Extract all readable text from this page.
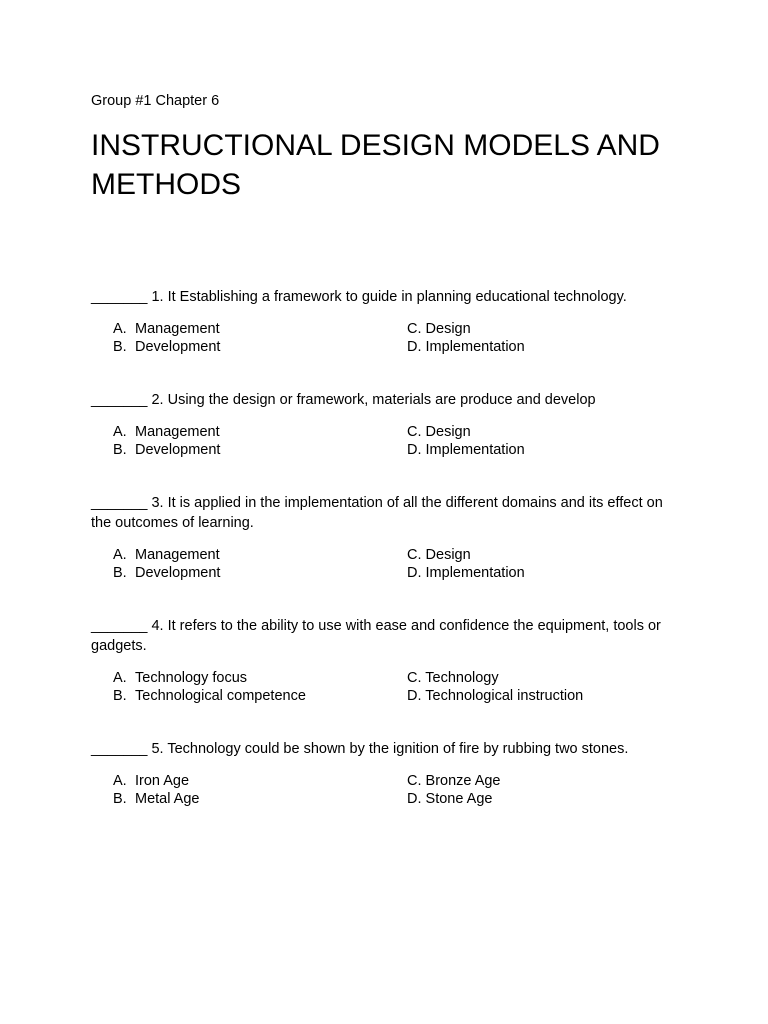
Group #1 Chapter 6
INSTRUCTIONAL DESIGN MODELS AND METHODS

_______ 1. It Establishing a framework to guide in planning educational technology.

A. Management
B. Development
C. Design
D. Implementation

_______ 2. Using the design or framework, materials are produce and develop

A. Management
B. Development
C. Design
D. Implementation

_______ 3. It is applied in the implementation of all the different domains and its effect on the outcomes of learning.

A. Management
B. Development
C. Design
D. Implementation

_______ 4. It refers to the ability to use with ease and confidence the equipment, tools or gadgets.

A. Technology focus
B. Technological competence
C. Technology
D. Technological instruction

_______ 5. Technology could be shown by the ignition of fire by rubbing two stones.

A. Iron Age
B. Metal Age
C. Bronze Age
D. Stone Age
